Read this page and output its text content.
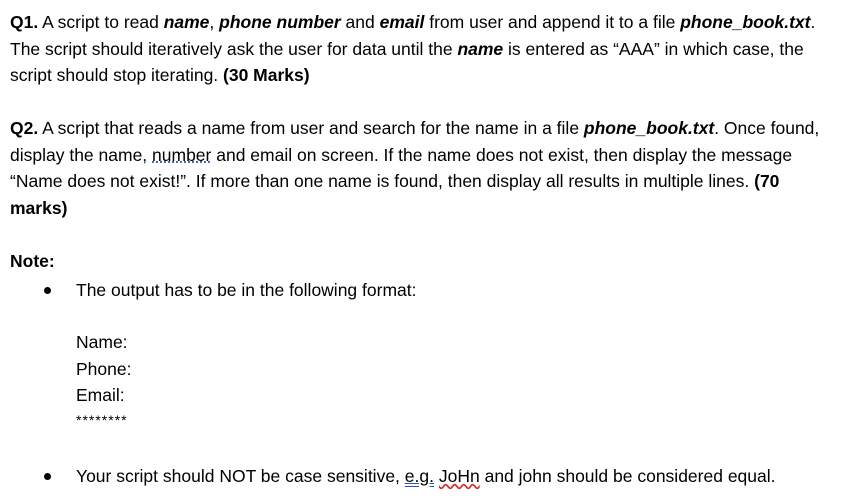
Q1. A script to read name, phone number and email from user and append it to a file phone_book.txt. The script should iteratively ask the user for data until the name is entered as “AAA” in which case, the script should stop iterating. (30 Marks)

Q2. A script that reads a name from user and search for the name in a file phone_book.txt. Once found, display the name, number and email on screen. If the name does not exist, then display the message “Name does not exist!”. If more than one name is found, then display all results in multiple lines. (70 marks)

Note:

The output has to be in the following format:
Name:
Phone:
Email:
********
Your script should NOT be case sensitive, e.g. JoHn and john should be considered equal.
